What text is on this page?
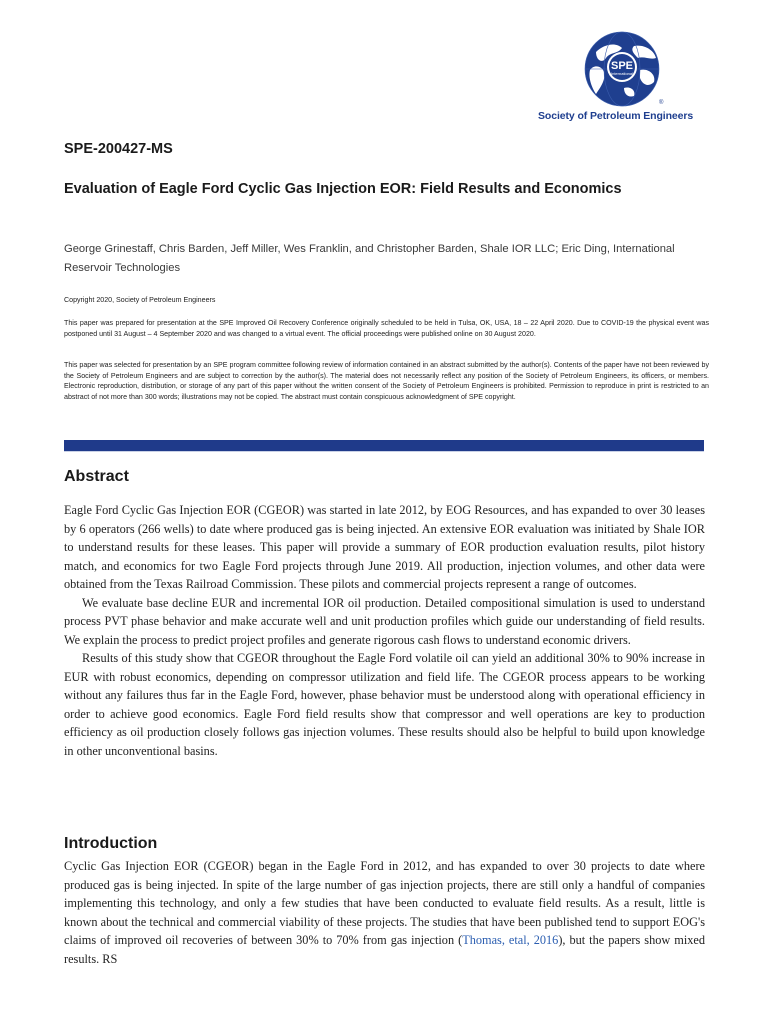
SPE
International
®
Society of Petroleum Engineers
SPE-200427-MS
Evaluation of Eagle Ford Cyclic Gas Injection EOR: Field Results and Economics
George Grinestaff, Chris Barden, Jeff Miller, Wes Franklin, and Christopher Barden, Shale IOR LLC; Eric Ding, International Reservoir Technologies
Copyright 2020, Society of Petroleum Engineers
This paper was prepared for presentation at the SPE Improved Oil Recovery Conference originally scheduled to be held in Tulsa, OK, USA, 18 – 22 April 2020. Due to COVID-19 the physical event was postponed until 31 August – 4 September 2020 and was changed to a virtual event. The official proceedings were published online on 30 August 2020.
This paper was selected for presentation by an SPE program committee following review of information contained in an abstract submitted by the author(s). Contents of the paper have not been reviewed by the Society of Petroleum Engineers and are subject to correction by the author(s). The material does not necessarily reflect any position of the Society of Petroleum Engineers, its officers, or members. Electronic reproduction, distribution, or storage of any part of this paper without the written consent of the Society of Petroleum Engineers is prohibited. Permission to reproduce in print is restricted to an abstract of not more than 300 words; illustrations may not be copied. The abstract must contain conspicuous acknowledgment of SPE copyright.
Abstract

Eagle Ford Cyclic Gas Injection EOR (CGEOR) was started in late 2012, by EOG Resources, and has expanded to over 30 leases by 6 operators (266 wells) to date where produced gas is being injected. An extensive EOR evaluation was initiated by Shale IOR to understand results for these leases. This paper will provide a summary of EOR production evaluation results, pilot history match, and economics for two Eagle Ford projects through June 2019. All production, injection volumes, and other data were obtained from the Texas Railroad Commission. These pilots and commercial projects represent a range of outcomes.

We evaluate base decline EUR and incremental IOR oil production. Detailed compositional simulation is used to understand process PVT phase behavior and make accurate well and unit production profiles which guide our understanding of field results. We explain the process to predict project profiles and generate rigorous cash flows to understand economic drivers.

Results of this study show that CGEOR throughout the Eagle Ford volatile oil can yield an additional 30% to 90% increase in EUR with robust economics, depending on compressor utilization and field life. The CGEOR process appears to be working without any failures thus far in the Eagle Ford, however, phase behavior must be understood along with operational efficiency in order to achieve good economics. Eagle Ford field results show that compressor and well operations are key to production efficiency as oil production closely follows gas injection volumes. These results should also be helpful to build upon knowledge in other unconventional basins.

Introduction

Cyclic Gas Injection EOR (CGEOR) began in the Eagle Ford in 2012, and has expanded to over 30 projects to date where produced gas is being injected. In spite of the large number of gas injection projects, there are still only a handful of companies implementing this technology, and only a few studies that have been conducted to evaluate field results. As a result, little is known about the technical and commercial viability of these projects. The studies that have been published tend to support EOG's claims of improved oil recoveries of between 30% to 70% from gas injection (Thomas, etal, 2016), but the papers show mixed results. RS
